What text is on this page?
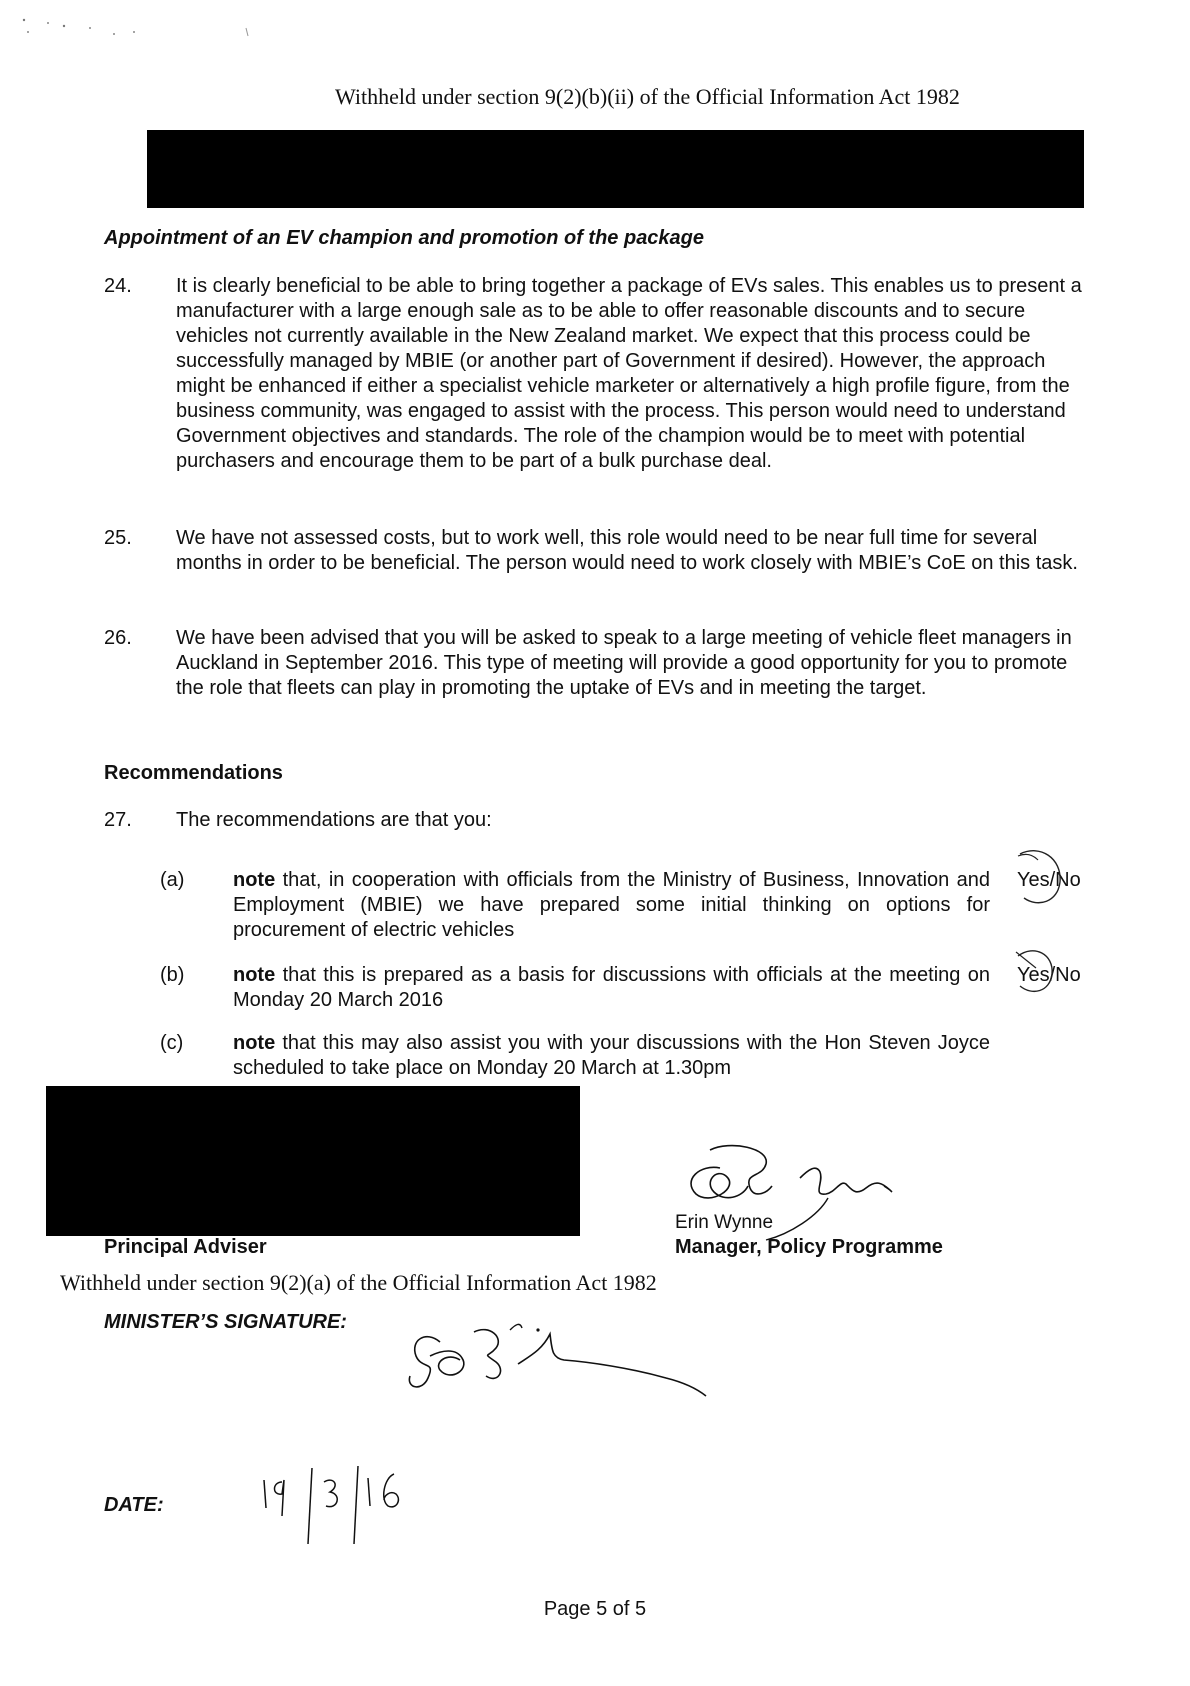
Withheld under section 9(2)(b)(ii) of the Official Information Act 1982
Appointment of an EV champion and promotion of the package
24.	It is clearly beneficial to be able to bring together a package of EVs sales. This enables us to present a manufacturer with a large enough sale as to be able to offer reasonable discounts and to secure vehicles not currently available in the New Zealand market. We expect that this process could be successfully managed by MBIE (or another part of Government if desired). However, the approach might be enhanced if either a specialist vehicle marketer or alternatively a high profile figure, from the business community, was engaged to assist with the process. This person would need to understand Government objectives and standards. The role of the champion would be to meet with potential purchasers and encourage them to be part of a bulk purchase deal.
25.	We have not assessed costs, but to work well, this role would need to be near full time for several months in order to be beneficial. The person would need to work closely with MBIE’s CoE on this task.
26.	We have been advised that you will be asked to speak to a large meeting of vehicle fleet managers in Auckland in September 2016. This type of meeting will provide a good opportunity for you to promote the role that fleets can play in promoting the uptake of EVs and in meeting the target.
Recommendations
27.	The recommendations are that you:
(a)	note that, in cooperation with officials from the Ministry of Business, Innovation and Employment (MBIE) we have prepared some initial thinking on options for procurement of electric vehicles
Yes/No
(b)	note that this is prepared as a basis for discussions with officials at the meeting on Monday 20 March 2016
Yes/No
(c)	note that this may also assist you with your discussions with the Hon Steven Joyce scheduled to take place on Monday 20 March at 1.30pm
Erin Wynne
Principal Adviser	Manager, Policy Programme
Withheld under section 9(2)(a) of the Official Information Act 1982
MINISTER’S SIGNATURE:
DATE:
Page 5 of 5
